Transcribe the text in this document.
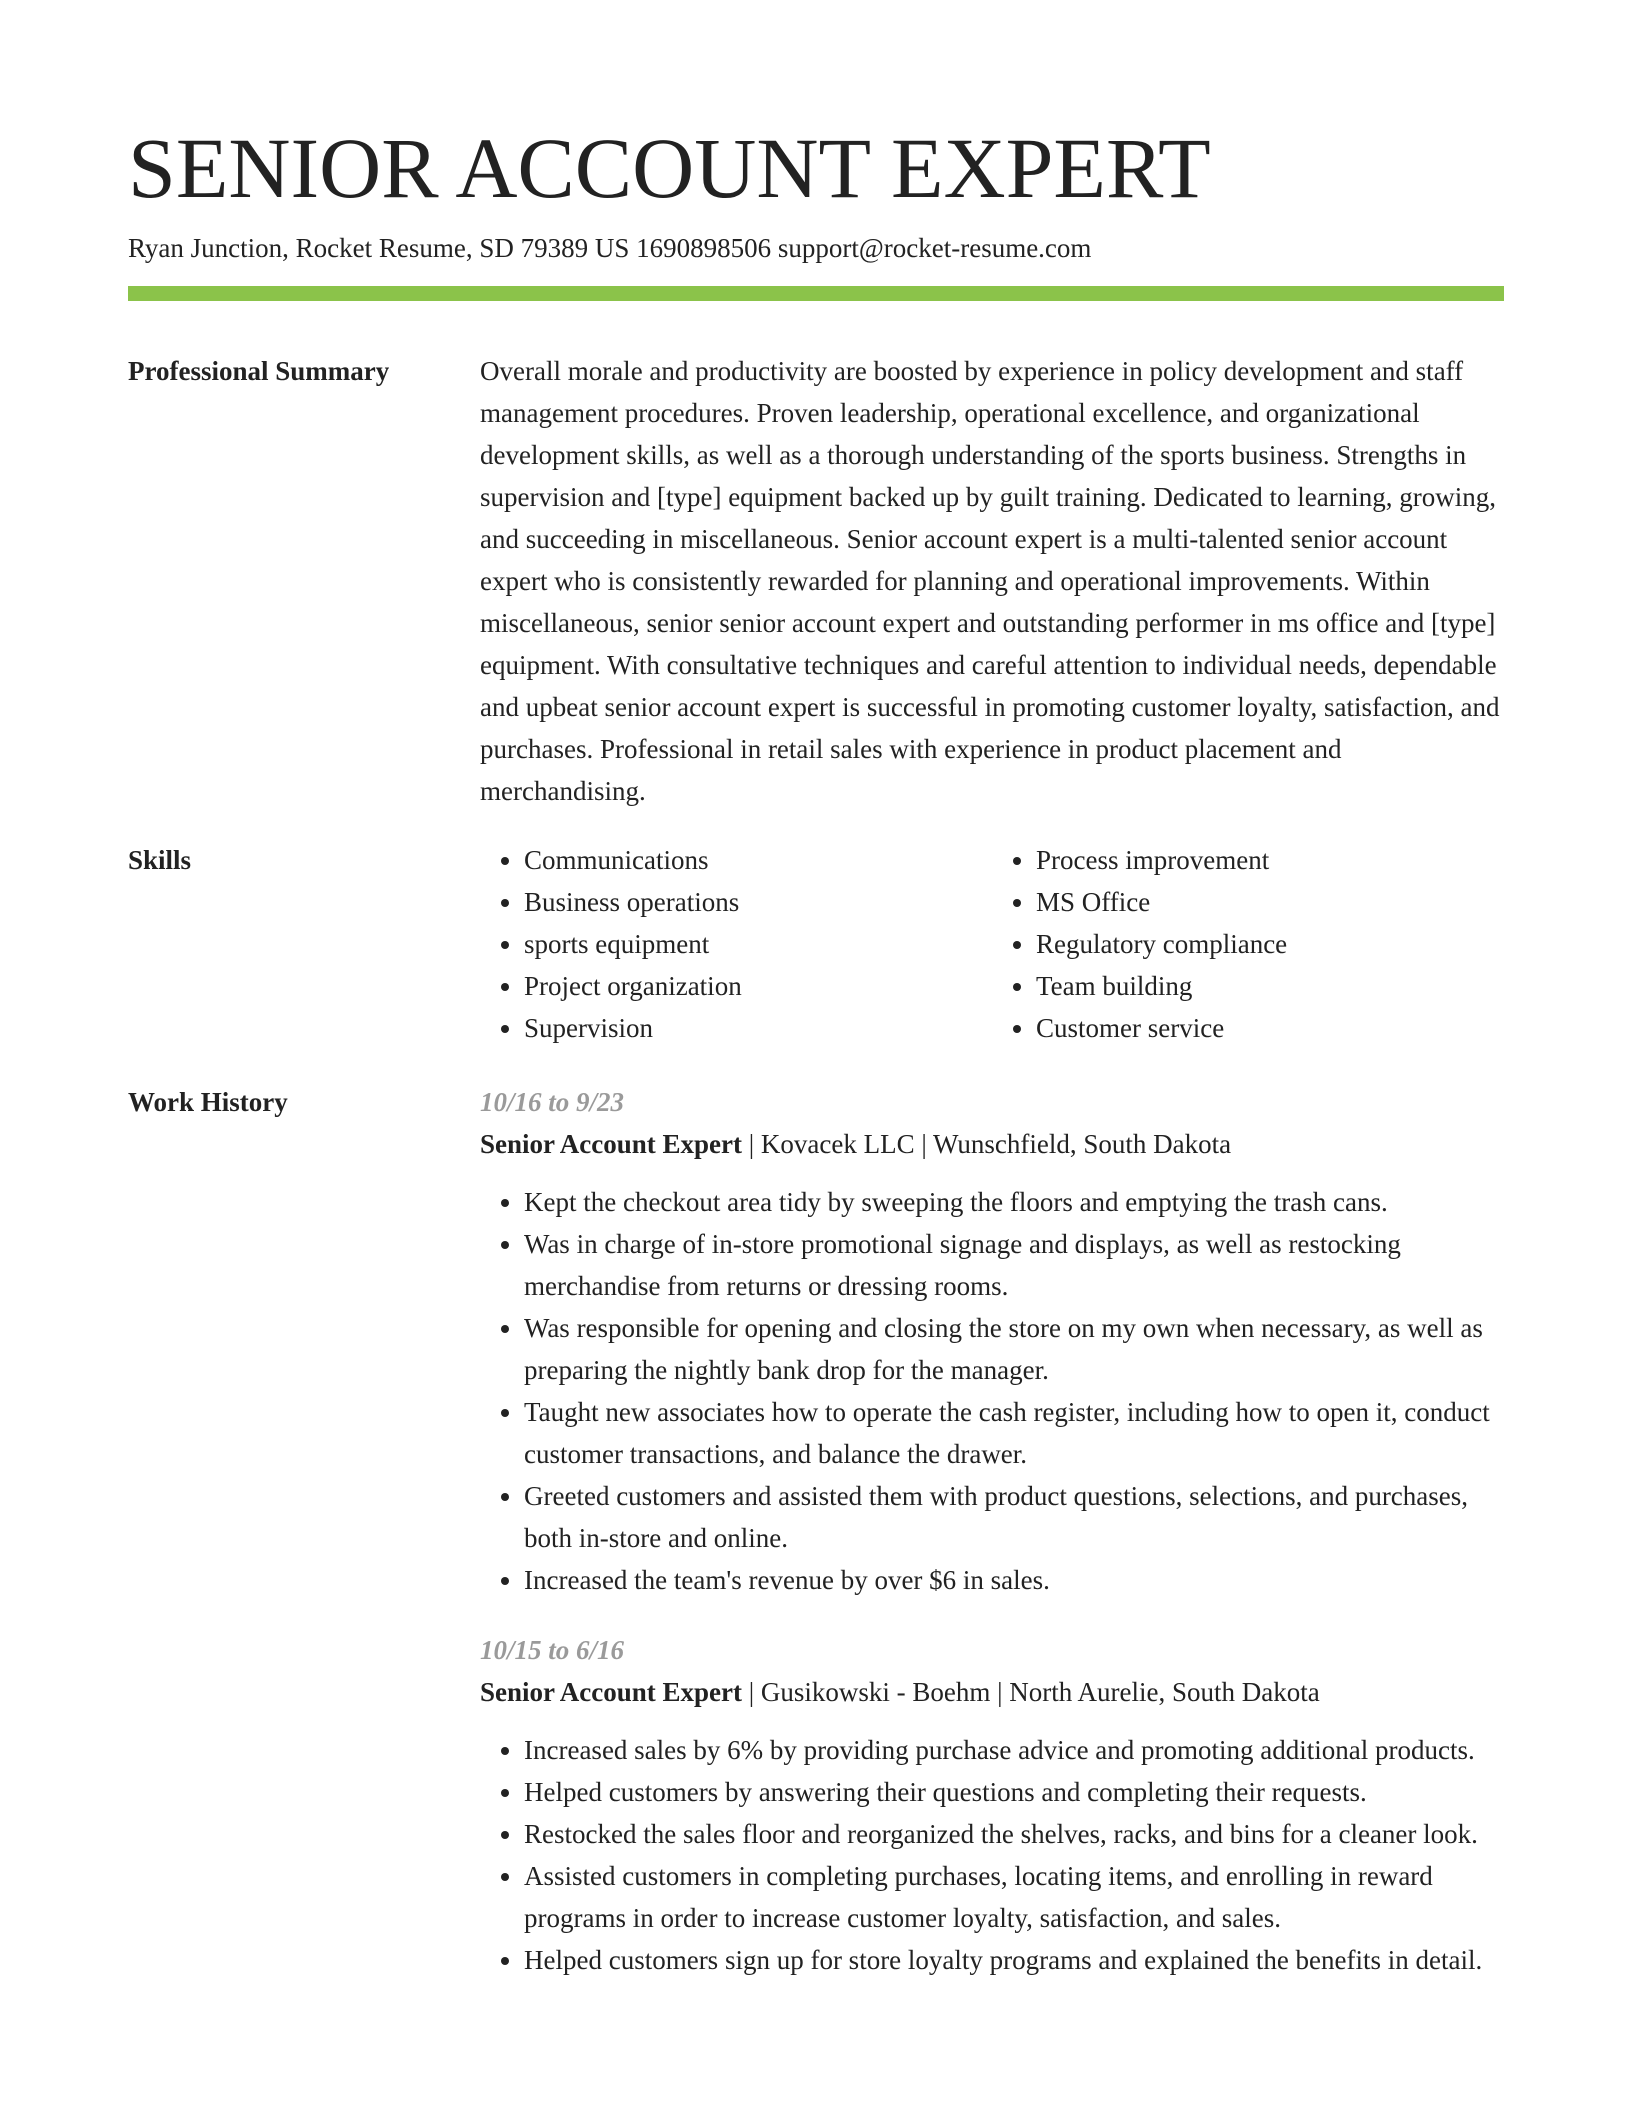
SENIOR ACCOUNT EXPERT
Ryan Junction, Rocket Resume, SD 79389 US 1690898506 support@rocket-resume.com
Professional Summary	Overall morale and productivity are boosted by experience in policy development and staff management procedures. Proven leadership, operational excellence, and organizational development skills, as well as a thorough understanding of the sports business. Strengths in supervision and [type] equipment backed up by guilt training. Dedicated to learning, growing, and succeeding in miscellaneous. Senior account expert is a multi-talented senior account expert who is consistently rewarded for planning and operational improvements. Within miscellaneous, senior senior account expert and outstanding performer in ms office and [type] equipment. With consultative techniques and careful attention to individual needs, dependable and upbeat senior account expert is successful in promoting customer loyalty, satisfaction, and purchases. Professional in retail sales with experience in product placement and merchandising.

Skills
•	Communications
• Business operations
• sports equipment
• Project organization
• Supervision
• Process improvement
• MS Office
• Regulatory compliance
• Team building
• Customer service
Work History	10/16 to 9/23
Senior Account Expert | Kovacek LLC | Wunschfield, South Dakota
• Kept the checkout area tidy by sweeping the floors and emptying the trash cans.
• Was in charge of in-store promotional signage and displays, as well as restocking merchandise from returns or dressing rooms.
• Was responsible for opening and closing the store on my own when necessary, as well as preparing the nightly bank drop for the manager.
• Taught new associates how to operate the cash register, including how to open it, conduct customer transactions, and balance the drawer.
• Greeted customers and assisted them with product questions, selections, and purchases, both in-store and online.
• Increased the team's revenue by over $6 in sales.
10/15 to 6/16
Senior Account Expert | Gusikowski - Boehm | North Aurelie, South Dakota
• Increased sales by 6% by providing purchase advice and promoting additional products.
• Helped customers by answering their questions and completing their requests.
• Restocked the sales floor and reorganized the shelves, racks, and bins for a cleaner look.
• Assisted customers in completing purchases, locating items, and enrolling in reward programs in order to increase customer loyalty, satisfaction, and sales.
• Helped customers sign up for store loyalty programs and explained the benefits in detail.
